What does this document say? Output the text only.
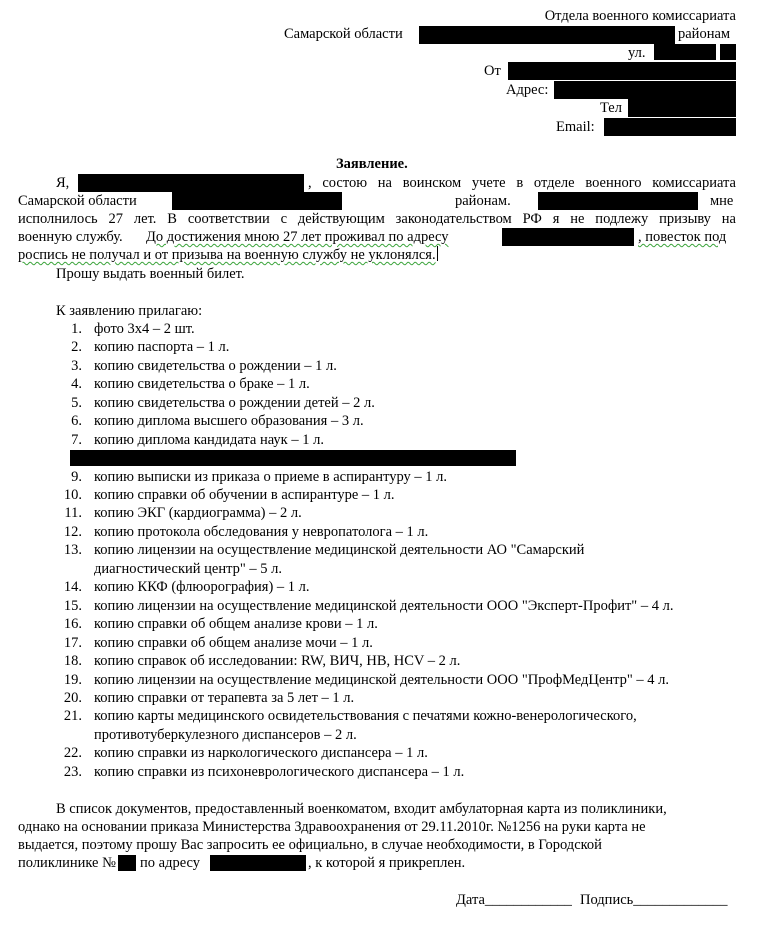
Отдела военного комиссариата
Самарской области	районам
ул.
От
Адрес:
Тел
Email:
Заявление.
Я,	, состою на воинском учете в отделе военного комиссариата
Самарской области	районам.	мне
исполнилось 27 лет. В соответствии с действующим законодательством РФ я не подлежу призыву на
военную службу. До достижения мною 27 лет проживал по адресу	, повесток под
роспись не получал и от призыва на военную службу не уклонялся.
Прошу выдать военный билет.
К заявлению прилагаю:
1. фото 3х4 – 2 шт.
2. копию паспорта – 1 л.
3. копию свидетельства о рождении – 1 л.
4. копию свидетельства о браке – 1 л.
5. копию свидетельства о рождении детей – 2 л.
6. копию диплома высшего образования – 3 л.
7. копию диплома кандидата наук – 1 л.
9. копию выписки из приказа о приеме в аспирантуру – 1 л.
10. копию справки об обучении в аспирантуре – 1 л.
11. копию ЭКГ (кардиограмма) – 2 л.
12. копию протокола обследования у невропатолога – 1 л.
13. копию лицензии на осуществление медицинской деятельности АО "Самарский
диагностический центр" – 5 л.
14. копию ККФ (флюорография) – 1 л.
15. копию лицензии на осуществление медицинской деятельности ООО "Эксперт-Профит" – 4 л.
16. копию справки об общем анализе крови – 1 л.
17. копию справки об общем анализе мочи – 1 л.
18. копию справок об исследовании: RW, ВИЧ, НВ, НСV – 2 л.
19. копию лицензии на осуществление медицинской деятельности ООО "ПрофМедЦентр" – 4 л.
20. копию справки от терапевта за 5 лет – 1 л.
21. копию карты медицинского освидетельствования с печатями кожно-венерологического,
противотуберкулезного диспансеров – 2 л.
22. копию справки из наркологического диспансера – 1 л.
23. копию справки из психоневрологического диспансера – 1 л.
В список документов, предоставленный военкоматом, входит амбулаторная карта из поликлиники,
однако на основании приказа Министерства Здравоохранения от 29.11.2010г. №1256 на руки карта не
выдается, поэтому прошу Вас запросить ее официально, в случае необходимости, в Городской
поликлинике № по адресу	, к которой я прикреплен.
Дата____________ Подпись_____________
